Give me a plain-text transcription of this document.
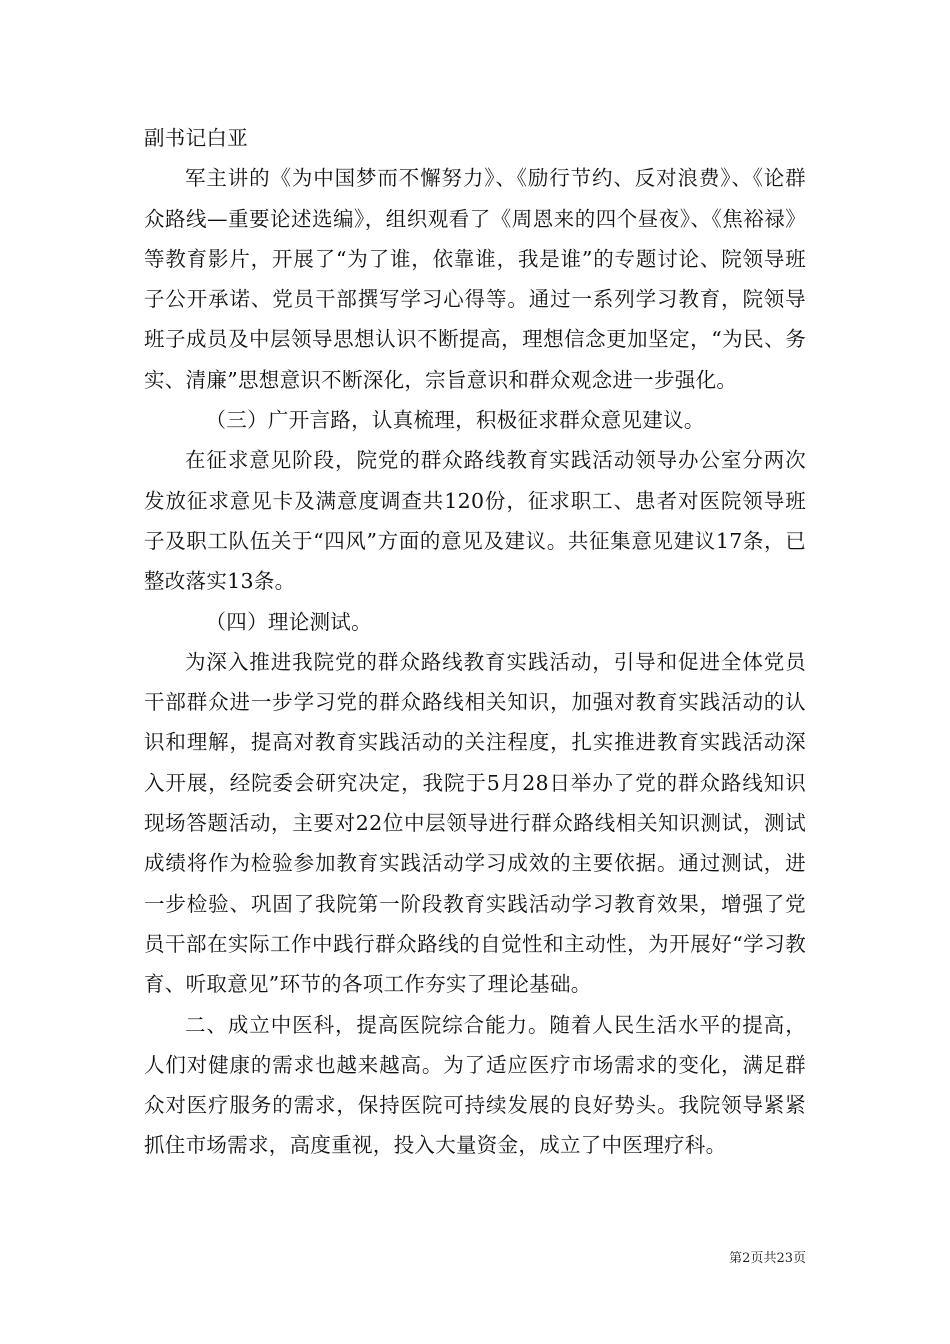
副书记白亚

军主讲的《为中国梦而不懈努力》、《励行节约、反对浪费》、《论群众路线—重要论述选编》，组织观看了《周恩来的四个昼夜》、《焦裕禄》等教育影片，开展了“为了谁，依靠谁，我是谁”的专题讨论、院领导班子公开承诺、党员干部撰写学习心得等。通过一系列学习教育，院领导班子成员及中层领导思想认识不断提高，理想信念更加坚定，“为民、务实、清廉”思想意识不断深化，宗旨意识和群众观念进一步强化。

（三）广开言路，认真梳理，积极征求群众意见建议。

在征求意见阶段，院党的群众路线教育实践活动领导办公室分两次发放征求意见卡及满意度调查共120份，征求职工、患者对医院领导班子及职工队伍关于“四风”方面的意见及建议。共征集意见建议17条，已整改落实13条。

（四）理论测试。

为深入推进我院党的群众路线教育实践活动，引导和促进全体党员干部群众进一步学习党的群众路线相关知识，加强对教育实践活动的认识和理解，提高对教育实践活动的关注程度，扎实推进教育实践活动深入开展，经院委会研究决定，我院于5月28日举办了党的群众路线知识现场答题活动，主要对22位中层领导进行群众路线相关知识测试，测试成绩将作为检验参加教育实践活动学习成效的主要依据。通过测试，进一步检验、巩固了我院第一阶段教育实践活动学习教育效果，增强了党员干部在实际工作中践行群众路线的自觉性和主动性，为开展好“学习教育、听取意见”环节的各项工作夯实了理论基础。

二、成立中医科，提高医院综合能力。随着人民生活水平的提高，人们对健康的需求也越来越高。为了适应医疗市场需求的变化，满足群众对医疗服务的需求，保持医院可持续发展的良好势头。我院领导紧紧抓住市场需求，高度重视，投入大量资金，成立了中医理疗科。

第2页共23页
